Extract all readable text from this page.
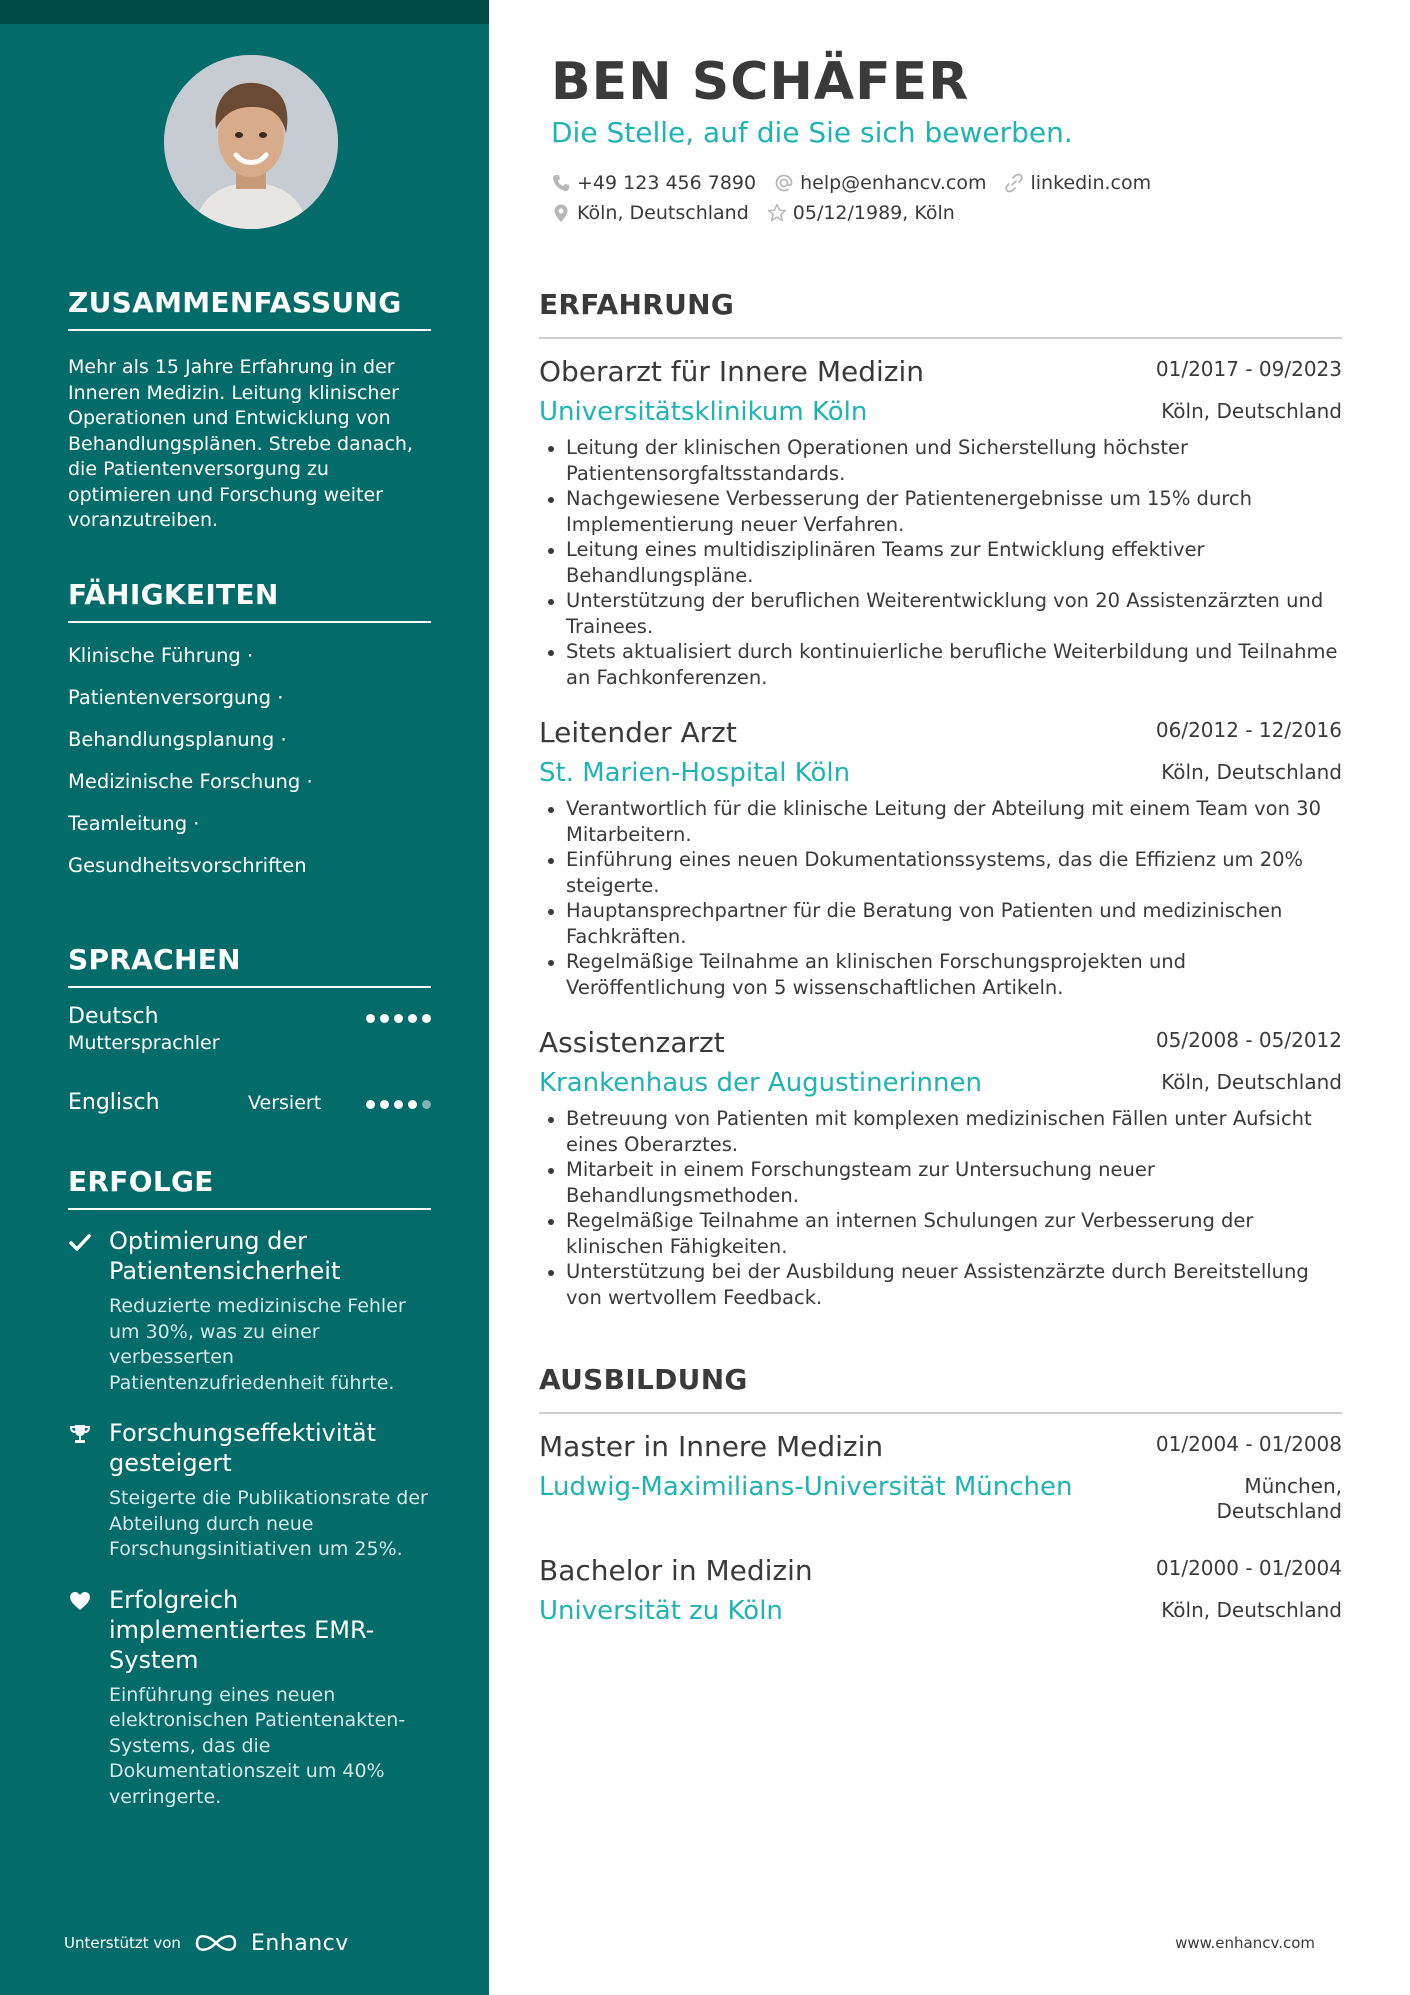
ZUSAMMENFASSUNG

Mehr als 15 Jahre Erfahrung in der Inneren Medizin. Leitung klinischer Operationen und Entwicklung von Behandlungsplänen. Strebe danach, die Patientenversorgung zu optimieren und Forschung weiter voranzutreiben.

FÄHIGKEITEN
Klinische Führung ·
Patientenversorgung ·
Behandlungsplanung ·
Medizinische Forschung ·
Teamleitung ·
Gesundheitsvorschriften
SPRACHEN
Deutsch
Muttersprachler
Englisch	Versiert
ERFOLGE
Optimierung der Patientensicherheit
Reduzierte medizinische Fehler um 30%, was zu einer verbesserten Patientenzufriedenheit führte.
Forschungseffektivität gesteigert
Steigerte die Publikationsrate der Abteilung durch neue Forschungsinitiativen um 25%.
Erfolgreich implementiertes EMR-System
Einführung eines neuen elektronischen Patientenakten-Systems, das die Dokumentationszeit um 40% verringerte.
Unterstützt von	Enhancv
BEN SCHÄFER
Die Stelle, auf die Sie sich bewerben.
+49 123 456 7890 help@enhancv.com linkedin.com
Köln, Deutschland 05/12/1989, Köln
ERFAHRUNG
Oberarzt für Innere Medizin	01/2017 - 09/2023
Universitätsklinikum Köln	Köln, Deutschland
Leitung der klinischen Operationen und Sicherstellung höchster Patientensorgfaltsstandards.
Nachgewiesene Verbesserung der Patientenergebnisse um 15% durch Implementierung neuer Verfahren.
Leitung eines multidisziplinären Teams zur Entwicklung effektiver Behandlungspläne.
Unterstützung der beruflichen Weiterentwicklung von 20 Assistenzärzten und Trainees.
Stets aktualisiert durch kontinuierliche berufliche Weiterbildung und Teilnahme an Fachkonferenzen.
Leitender Arzt	06/2012 - 12/2016
St. Marien-Hospital Köln	Köln, Deutschland
Verantwortlich für die klinische Leitung der Abteilung mit einem Team von 30 Mitarbeitern.
Einführung eines neuen Dokumentationssystems, das die Effizienz um 20% steigerte.
Hauptansprechpartner für die Beratung von Patienten und medizinischen Fachkräften.
Regelmäßige Teilnahme an klinischen Forschungsprojekten und Veröffentlichung von 5 wissenschaftlichen Artikeln.
Assistenzarzt	05/2008 - 05/2012
Krankenhaus der Augustinerinnen	Köln, Deutschland
Betreuung von Patienten mit komplexen medizinischen Fällen unter Aufsicht eines Oberarztes.
Mitarbeit in einem Forschungsteam zur Untersuchung neuer Behandlungsmethoden.
Regelmäßige Teilnahme an internen Schulungen zur Verbesserung der klinischen Fähigkeiten.
Unterstützung bei der Ausbildung neuer Assistenzärzte durch Bereitstellung von wertvollem Feedback.
AUSBILDUNG
Master in Innere Medizin	01/2004 - 01/2008
Ludwig-Maximilians-Universität München	München,
Deutschland
Bachelor in Medizin	01/2000 - 01/2004
Universität zu Köln	Köln, Deutschland
www.enhancv.com
